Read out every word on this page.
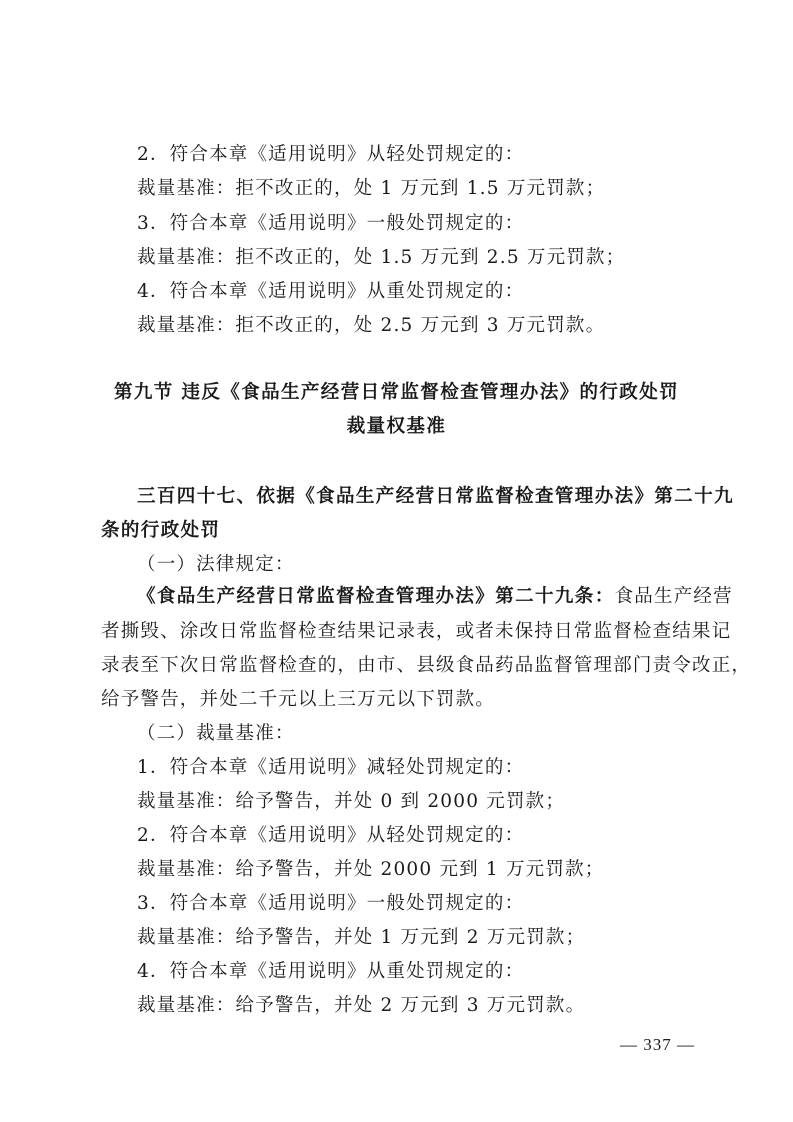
2．符合本章《适用说明》从轻处罚规定的：
裁量基准：拒不改正的，处 1 万元到 1.5 万元罚款；
3．符合本章《适用说明》一般处罚规定的：
裁量基准：拒不改正的，处 1.5 万元到 2.5 万元罚款；
4．符合本章《适用说明》从重处罚规定的：
裁量基准：拒不改正的，处 2.5 万元到 3 万元罚款。
第九节 违反《食品生产经营日常监督检查管理办法》的行政处罚
裁量权基准
三百四十七、依据《食品生产经营日常监督检查管理办法》第二十九
条的行政处罚
（一）法律规定：
《食品生产经营日常监督检查管理办法》第二十九条：食品生产经营
者撕毁、涂改日常监督检查结果记录表，或者未保持日常监督检查结果记
录表至下次日常监督检查的，由市、县级食品药品监督管理部门责令改正，
给予警告，并处二千元以上三万元以下罚款。
（二）裁量基准：
1．符合本章《适用说明》减轻处罚规定的：
裁量基准：给予警告，并处 0 到 2000 元罚款；
2．符合本章《适用说明》从轻处罚规定的：
裁量基准：给予警告，并处 2000 元到 1 万元罚款；
3．符合本章《适用说明》一般处罚规定的：
裁量基准：给予警告，并处 1 万元到 2 万元罚款；
4．符合本章《适用说明》从重处罚规定的：
裁量基准：给予警告，并处 2 万元到 3 万元罚款。
— 337 —
